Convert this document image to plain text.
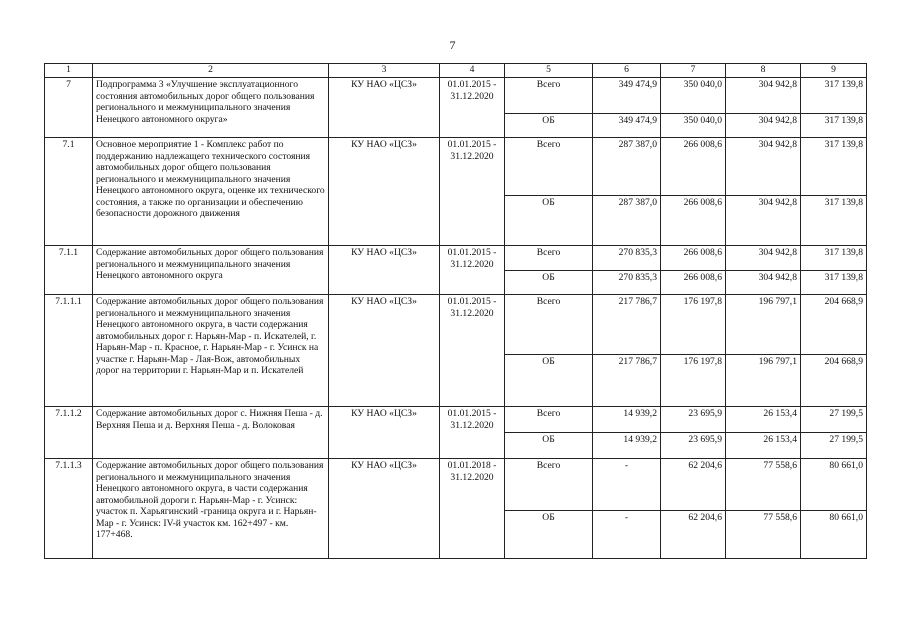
7
1	2	3	4	5	6	7	8	9
7	Подпрограмма 3 «Улучшение эксплуатационного состояния автомобильных дорог общего пользования регионального и межмуниципального значения Ненецкого автономного округа»	КУ НАО «ЦСЗ»	01.01.2015 - 31.12.2020	Всего	349 474,9	350 040,0	304 942,8	317 139,8
				ОБ	349 474,9	350 040,0	304 942,8	317 139,8
7.1	Основное мероприятие 1 - Комплекс работ по поддержанию надлежащего технического состояния автомобильных дорог общего пользования регионального и межмуниципального значения Ненецкого автономного округа, оценке их технического состояния, а также по организации и обеспечению безопасности дорожного движения	КУ НАО «ЦСЗ»	01.01.2015 - 31.12.2020	Всего	287 387,0	266 008,6	304 942,8	317 139,8
				ОБ	287 387,0	266 008,6	304 942,8	317 139,8
7.1.1	Содержание автомобильных дорог общего пользования регионального и межмуниципального значения Ненецкого автономного округа	КУ НАО «ЦСЗ»	01.01.2015 - 31.12.2020	Всего	270 835,3	266 008,6	304 942,8	317 139,8
				ОБ	270 835,3	266 008,6	304 942,8	317 139,8
7.1.1.1	Содержание автомобильных дорог общего пользования регионального и межмуниципального значения Ненецкого автономного округа, в части содержания автомобильных дорог г. Нарьян-Мар - п. Искателей, г. Нарьян-Мар - п. Красное, г. Нарьян-Мар - г. Усинск на участке г. Нарьян-Мар - Лая-Вож, автомобильных дорог на территории г. Нарьян-Мар и п. Искателей	КУ НАО «ЦСЗ»	01.01.2015 - 31.12.2020	Всего	217 786,7	176 197,8	196 797,1	204 668,9
				ОБ	217 786,7	176 197,8	196 797,1	204 668,9
7.1.1.2	Содержание автомобильных дорог с. Нижняя Пеша - д. Верхняя Пеша и д. Верхняя Пеша - д. Волоковая	КУ НАО «ЦСЗ»	01.01.2015 - 31.12.2020	Всего	14 939,2	23 695,9	26 153,4	27 199,5
				ОБ	14 939,2	23 695,9	26 153,4	27 199,5
7.1.1.3	Содержание автомобильных дорог общего пользования регионального и межмуниципального значения Ненецкого автономного округа, в части содержания автомобильной дороги г. Нарьян-Мар - г. Усинск: участок п. Харьягинский -граница округа и г. Нарьян-Мар - г. Усинск: IV-й участок км. 162+497 - км. 177+468.	КУ НАО «ЦСЗ»	01.01.2018 - 31.12.2020	Всего	-	62 204,6	77 558,6	80 661,0
				ОБ	-	62 204,6	77 558,6	80 661,0
